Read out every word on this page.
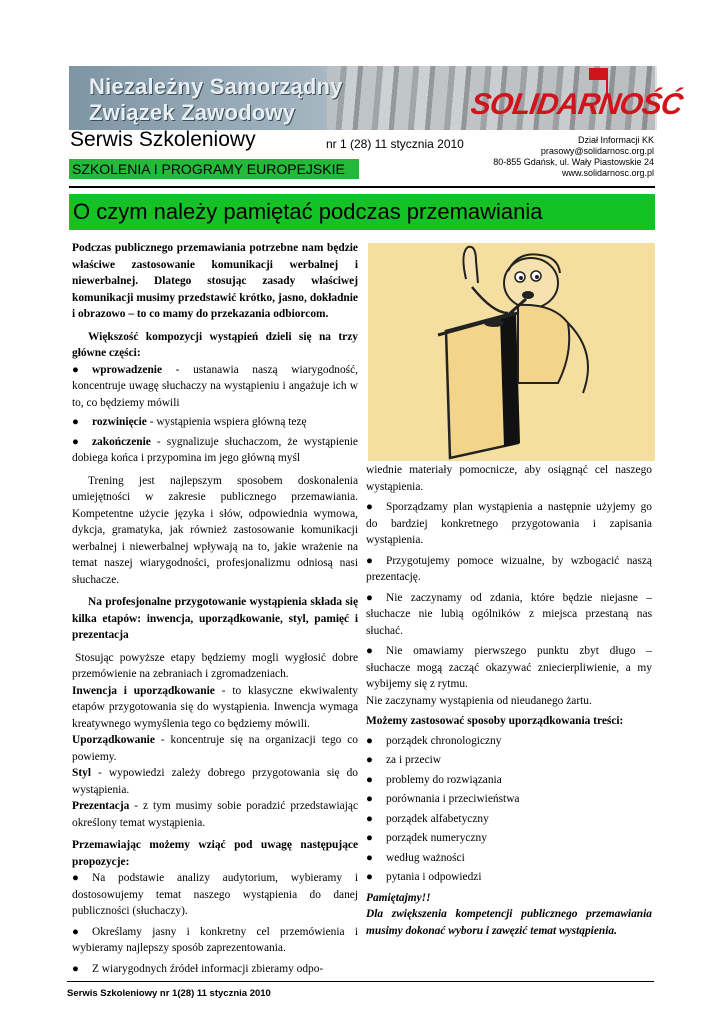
Niezależny Samorządny
Związek Zawodowy	SOLIDARNOŚĆ
Serwis Szkoleniowy	nr 1 (28) 11 stycznia 2010	Dział Informacji KK
prasowy@solidarnosc.org.pl
80-855 Gdańsk, ul. Wały Piastowskie 24
www.solidarnosc.org.pl
SZKOLENIA I PROGRAMY EUROPEJSKIE
O czym należy pamiętać podczas przemawiania

Podczas publicznego przemawiania potrzebne nam będzie właściwe zastosowanie komunikacji werbalnej i niewerbalnej. Dlatego stosując zasady właściwej komunikacji musimy przedstawić krótko, jasno, dokładnie i obrazowo – to co mamy do przekazania odbiorcom.

Większość kompozycji wystąpień dzieli się na trzy główne części:

● wprowadzenie - ustanawia naszą wiarygodność, koncentruje uwagę słuchaczy na wystąpieniu i angażuje ich w to, co będziemy mówili

● rozwinięcie - wystąpienia wspiera główną tezę

● zakończenie - sygnalizuje słuchaczom, że wystąpienie dobiega końca i przypomina im jego główną myśl

Trening jest najlepszym sposobem doskonalenia umiejętności w zakresie publicznego przemawiania. Kompetentne użycie języka i słów, odpowiednia wymowa, dykcja, gramatyka, jak również zastosowanie komunikacji werbalnej i niewerbalnej wpływają na to, jakie wrażenie na temat naszej wiarygodności, profesjonalizmu odniosą nasi słuchacze.

Na profesjonalne przygotowanie wystąpienia składa się kilka etapów: inwencja, uporządkowanie, styl, pamięć i prezentacja

Stosując powyższe etapy będziemy mogli wygłosić dobre przemówienie na zebraniach i zgromadzeniach.

Inwencja i uporządkowanie - to klasyczne ekwiwalenty etapów przygotowania się do wystąpienia. Inwencja wymaga kreatywnego wymyślenia tego co będziemy mówili.

Uporządkowanie - koncentruje się na organizacji tego co powiemy.

Styl - wypowiedzi zależy dobrego przygotowania się do wystąpienia.

Prezentacja - z tym musimy sobie poradzić przedstawiając określony temat wystąpienia.

Przemawiając możemy wziąć pod uwagę następujące propozycje:

● Na podstawie analizy audytorium, wybieramy i dostosowujemy temat naszego wystąpienia do danej publiczności (słuchaczy).

● Określamy jasny i konkretny cel przemówienia i wybieramy najlepszy sposób zaprezentowania.

● Z wiarygodnych źródeł informacji zbieramy odpo-

wiednie materiały pomocnicze, aby osiągnąć cel naszego wystąpienia.

● Sporządzamy plan wystąpienia a następnie użyjemy go do bardziej konkretnego przygotowania i zapisania wystąpienia.

● Przygotujemy pomoce wizualne, by wzbogacić naszą prezentację.

● Nie zaczynamy od zdania, które będzie niejasne – słuchacze nie lubią ogólników z miejsca przestaną nas słuchać.

● Nie omawiamy pierwszego punktu zbyt długo – słuchacze mogą zacząć okazywać zniecierpliwienie, a my wybijemy się z rytmu.

Nie zaczynamy wystąpienia od nieudanego żartu.

Możemy zastosować sposoby uporządkowania treści:

● porządek chronologiczny

● za i przeciw

● problemy do rozwiązania

● porównania i przeciwieństwa

● porządek alfabetyczny

● porządek numeryczny

● według ważności

● pytania i odpowiedzi

Pamiętajmy!!

Dla zwiększenia kompetencji publicznego przemawiania musimy dokonać wyboru i zawęzić temat wystąpienia.

Serwis Szkoleniowy nr 1(28) 11 stycznia 2010
